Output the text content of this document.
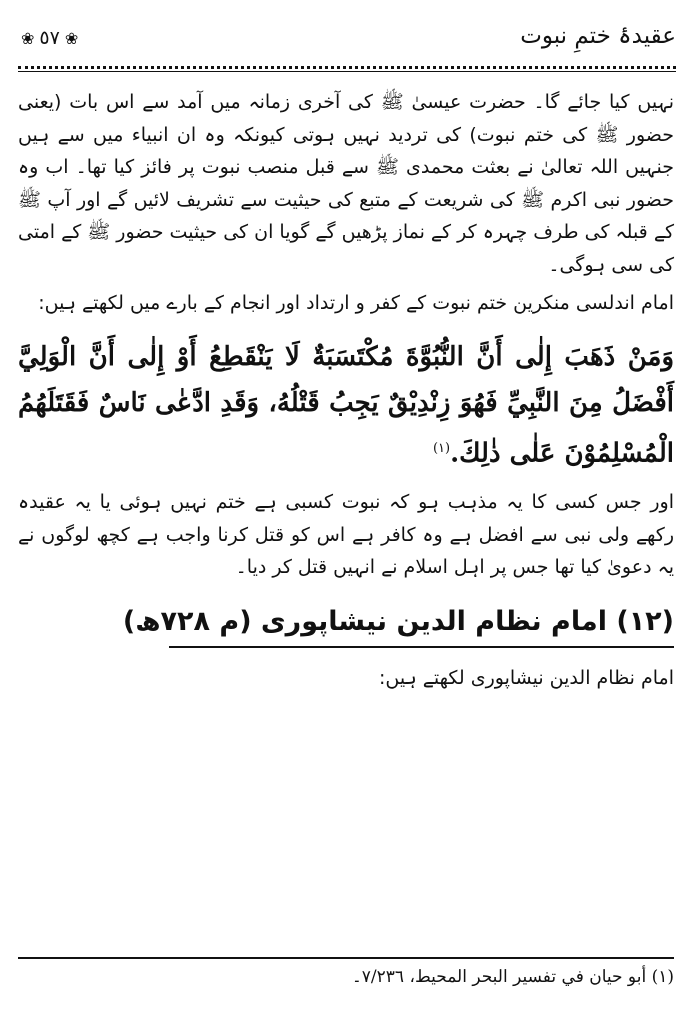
عقیدۂ ختمِ نبوت
❀ ٥٧ ❀

نہیں کیا جائے گا۔ حضرت عیسیٰ ﷺ کی آخری زمانہ میں آمد سے اس بات (یعنی حضور ﷺ کی ختم نبوت) کی تردید نہیں ہوتی کیونکہ وہ ان انبیاء میں سے ہیں جنہیں اللہ تعالیٰ نے بعثت محمدی ﷺ سے قبل منصب نبوت پر فائز کیا تھا۔ اب وہ حضور نبی اکرم ﷺ کی شریعت کے متبع کی حیثیت سے تشریف لائیں گے اور آپ ﷺ کے قبلہ کی طرف چہرہ کر کے نماز پڑھیں گے گویا ان کی حیثیت حضور ﷺ کے امتی کی سی ہوگی۔

امام اندلسی منکرین ختم نبوت کے کفر و ارتداد اور انجام کے بارے میں لکھتے ہیں:

وَمَنْ ذَهَبَ إِلٰى أَنَّ النُّبُوَّةَ مُكْتَسَبَةٌ لَا يَنْقَطِعُ أَوْ إِلٰى أَنَّ الْوَلِيَّ أَفْضَلُ مِنَ النَّبِيِّ فَهُوَ زِنْدِيْقٌ يَجِبُ قَتْلُهُ، وَقَدِ ادَّعٰى نَاسٌ فَقَتَلَهُمُ الْمُسْلِمُوْنَ عَلٰى ذٰلِكَ.$^{(١)}$

اور جس کسی کا یہ مذہب ہو کہ نبوت کسبی ہے ختم نہیں ہوئی یا یہ عقیدہ رکھے ولی نبی سے افضل ہے وہ کافر ہے اس کو قتل کرنا واجب ہے کچھ لوگوں نے یہ دعویٰ کیا تھا جس پر اہل اسلام نے انہیں قتل کر دیا۔

(١٢) امام نظام الدین نیشاپوری (م ٧٢٨ھ)

امام نظام الدین نیشاپوری لکھتے ہیں:

(١) أبو حيان في تفسير البحر المحيط، ٧/٢٣٦۔
